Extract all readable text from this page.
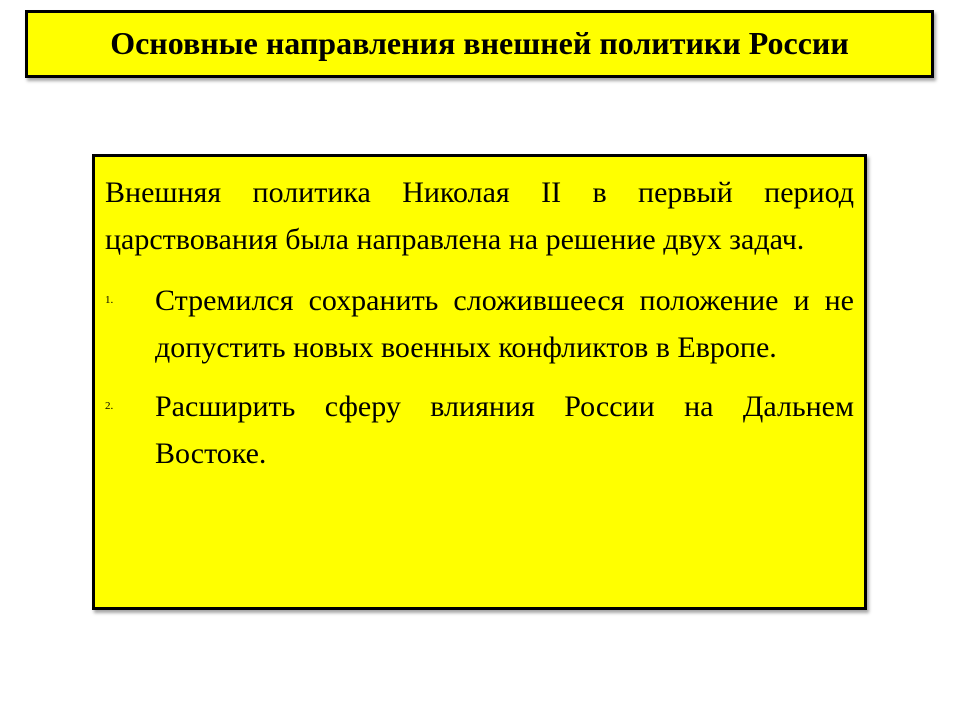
Основные направления внешней политики России

Внешняя политика Николая II в первый период царствования была направлена на решение двух задач.

1. Стремился сохранить сложившееся положение и не допустить новых военных конфликтов в Европе.
2. Расширить сферу влияния России на Дальнем Востоке.
